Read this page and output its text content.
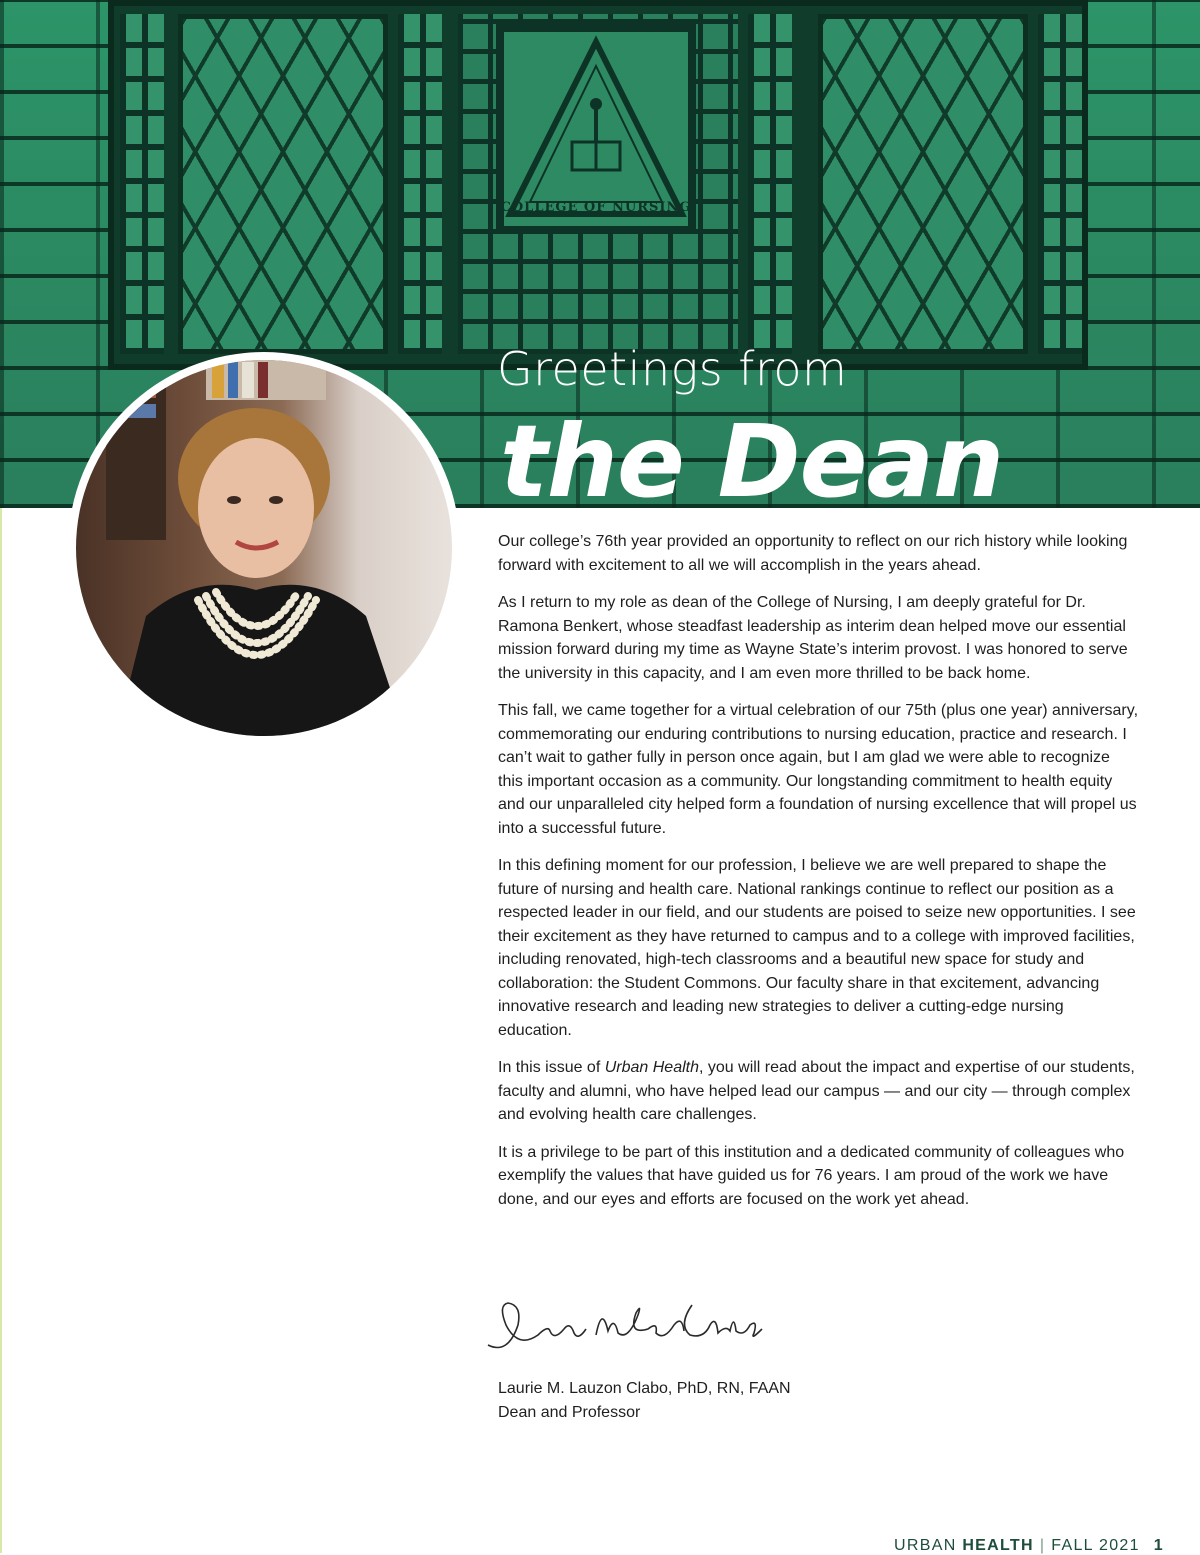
COLLEGE OF NURSING
Greetings from
the Dean

Our college’s 76th year provided an opportunity to reflect on our rich history while looking forward with excitement to all we will accomplish in the years ahead.

As I return to my role as dean of the College of Nursing, I am deeply grateful for Dr. Ramona Benkert, whose steadfast leadership as interim dean helped move our essential mission forward during my time as Wayne State’s interim provost. I was honored to serve the university in this capacity, and I am even more thrilled to be back home.

This fall, we came together for a virtual celebration of our 75th (plus one year) anniversary, commemorating our enduring contributions to nursing education, practice and research. I can’t wait to gather fully in person once again, but I am glad we were able to recognize this important occasion as a community. Our longstanding commitment to health equity and our unparalleled city helped form a foundation of nursing excellence that will propel us into a successful future.

In this defining moment for our profession, I believe we are well prepared to shape the future of nursing and health care. National rankings continue to reflect our position as a respected leader in our field, and our students are poised to seize new opportunities. I see their excitement as they have returned to campus and to a college with improved facilities, including renovated, high-tech classrooms and a beautiful new space for study and collaboration: the Student Commons. Our faculty share in that excitement, advancing innovative research and leading new strategies to deliver a cutting-edge nursing education.

In this issue of Urban Health, you will read about the impact and expertise of our students, faculty and alumni, who have helped lead our campus — and our city — through complex and evolving health care challenges.

It is a privilege to be part of this institution and a dedicated community of colleagues who exemplify the values that have guided us for 76 years. I am proud of the work we have done, and our eyes and efforts are focused on the work yet ahead.

Laurie M. Lauzon Clabo, PhD, RN, FAAN
Dean and Professor
URBAN HEALTH | FALL 2021 1
